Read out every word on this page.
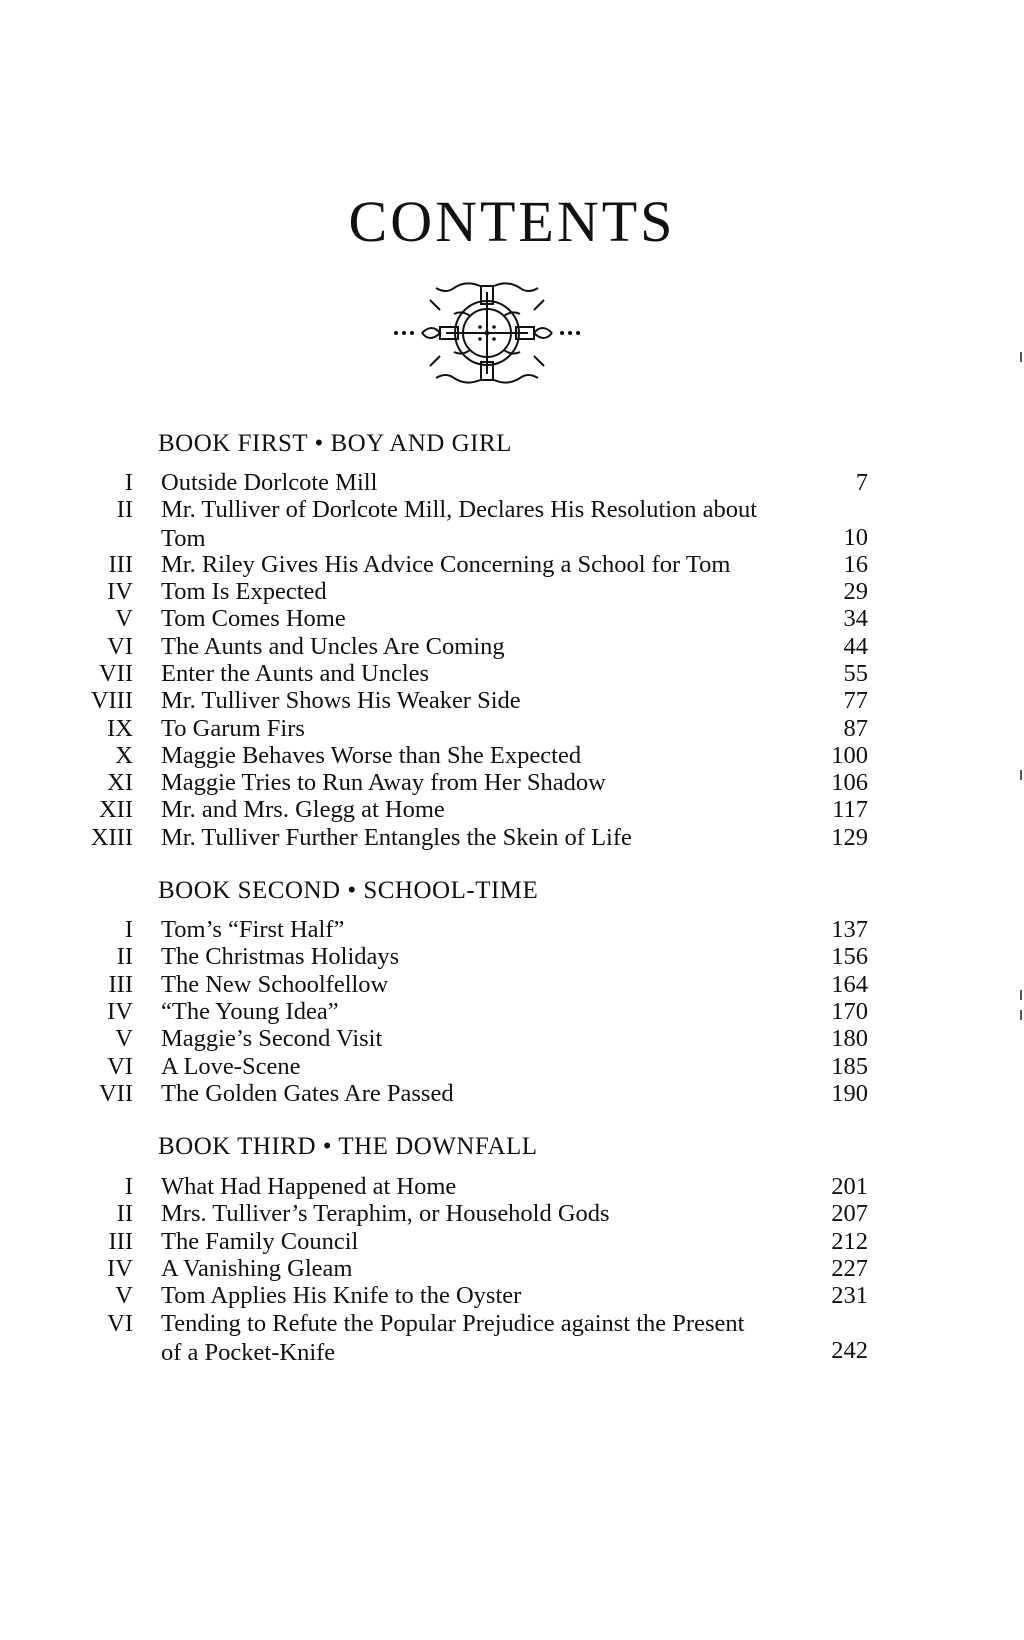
CONTENTS
BOOK FIRST • BOY AND GIRL
I Outside Dorlcote Mill	7
II Mr. Tulliver of Dorlcote Mill, Declares His Resolution about Tom	10
III Mr. Riley Gives His Advice Concerning a School for Tom	16
IV Tom Is Expected	29
V Tom Comes Home	34
VI The Aunts and Uncles Are Coming	44
VII Enter the Aunts and Uncles	55
VIII Mr. Tulliver Shows His Weaker Side	77
IX To Garum Firs	87
X Maggie Behaves Worse than She Expected	100
XI Maggie Tries to Run Away from Her Shadow	106
XII Mr. and Mrs. Glegg at Home	117
XIII Mr. Tulliver Further Entangles the Skein of Life	129
BOOK SECOND • SCHOOL-TIME
I Tom’s “First Half”	137
II The Christmas Holidays	156
III The New Schoolfellow	164
IV “The Young Idea”	170
V Maggie’s Second Visit	180
VI A Love-Scene	185
VII The Golden Gates Are Passed	190
BOOK THIRD • THE DOWNFALL
I What Had Happened at Home	201
II Mrs. Tulliver’s Teraphim, or Household Gods	207
III The Family Council	212
IV A Vanishing Gleam	227
V Tom Applies His Knife to the Oyster	231
VI Tending to Refute the Popular Prejudice against the Present of a Pocket-Knife	242
